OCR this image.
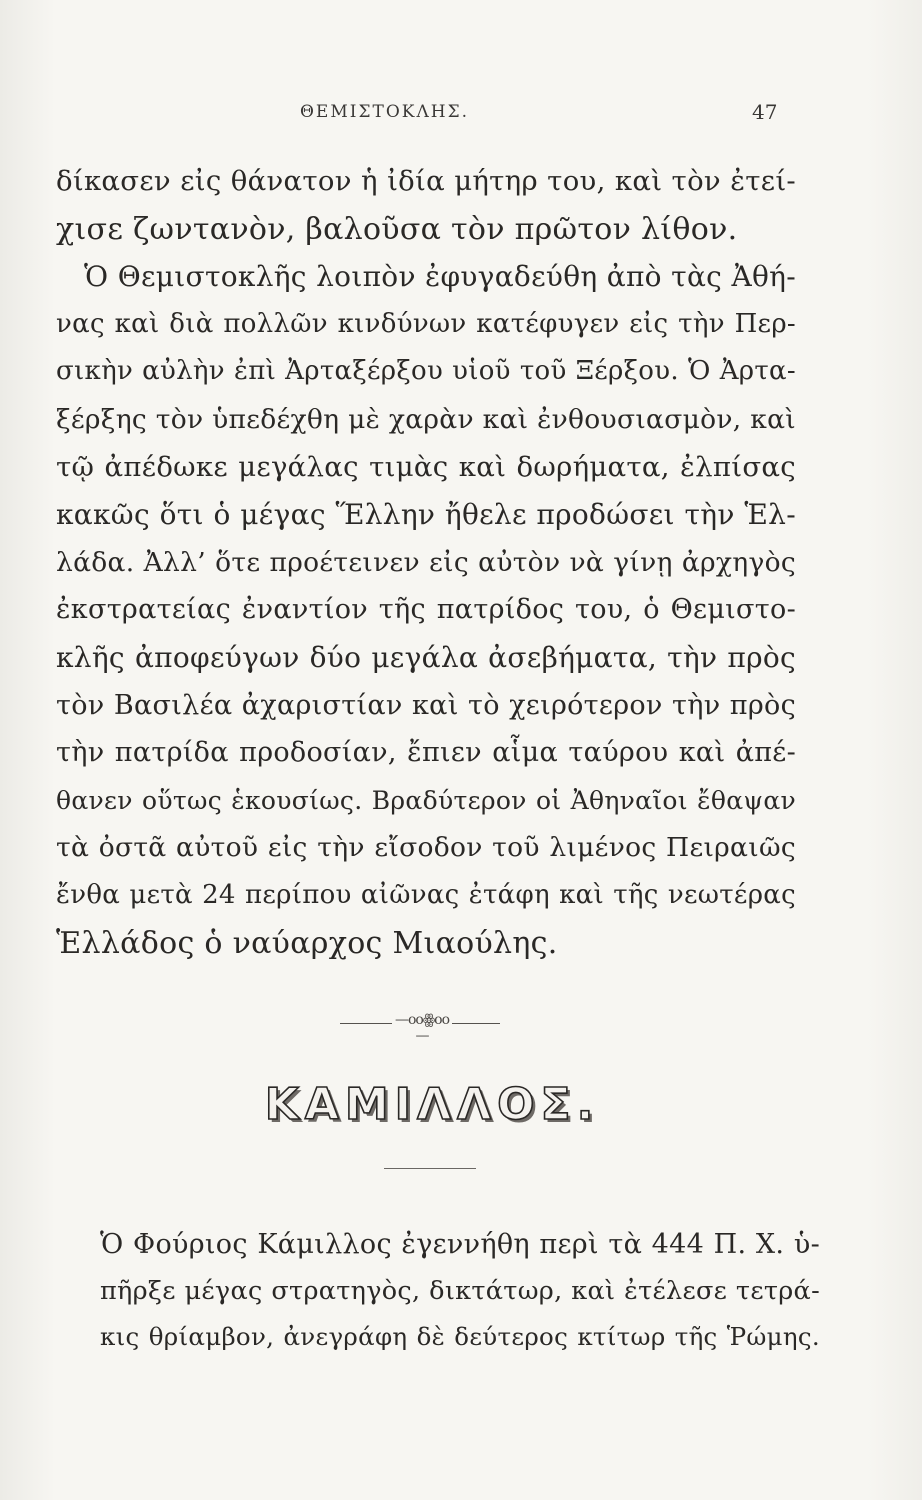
ΘΕΜΙΣΤΟΚΛΗΣ.	47
δίκασεν εἰς θάνατον ἡ ἰδία μήτηρ του, καὶ τὸν ἐτεί-
χισε ζωντανὸν, βαλοῦσα τὸν πρῶτον λίθον.
Ὁ Θεμιστοκλῆς λοιπὸν ἐφυγαδεύθη ἀπὸ τὰς Ἀθή-
νας καὶ διὰ πολλῶν κινδύνων κατέφυγεν εἰς τὴν Περ-
σικὴν αὐλὴν ἐπὶ Ἀρταξέρξου υἱοῦ τοῦ Ξέρξου. Ὁ Ἀρτα-
ξέρξης τὸν ὑπεδέχθη μὲ χαρὰν καὶ ἐνθουσιασμὸν, καὶ
τῷ ἀπέδωκε μεγάλας τιμὰς καὶ δωρήματα, ἐλπίσας
κακῶς ὅτι ὁ μέγας Ἕλλην ἤθελε προδώσει τὴν Ἑλ-
λάδα. Ἀλλ’ ὅτε προέτεινεν εἰς αὐτὸν νὰ γίνῃ ἀρχηγὸς
ἐκστρατείας ἐναντίον τῆς πατρίδος του, ὁ Θεμιστο-
κλῆς ἀποφεύγων δύο μεγάλα ἀσεβήματα, τὴν πρὸς
τὸν Βασιλέα ἀχαριστίαν καὶ τὸ χειρότερον τὴν πρὸς
τὴν πατρίδα προδοσίαν, ἔπιεν αἷμα ταύρου καὶ ἀπέ-
θανεν οὕτως ἑκουσίως. Βραδύτερον οἱ Ἀθηναῖοι ἔθαψαν
τὰ ὀστᾶ αὐτοῦ εἰς τὴν εἴσοδον τοῦ λιμένος Πειραιῶς
ἔνθα μετὰ 24 περίπου αἰῶνας ἐτάφη καὶ τῆς νεωτέρας
Ἑλλάδος ὁ ναύαρχος Μιαούλης.
—ooꙮoo—
ΚΑΜΙΛΛΟΣ.
Ὁ Φούριος Κάμιλλος ἐγεννήθη περὶ τὰ 444 Π. Χ. ὑ-
πῆρξε μέγας στρατηγὸς, δικτάτωρ, καὶ ἐτέλεσε τετρά-
κις θρίαμβον, ἀνεγράφη δὲ δεύτερος κτίτωρ τῆς Ῥώμης.
